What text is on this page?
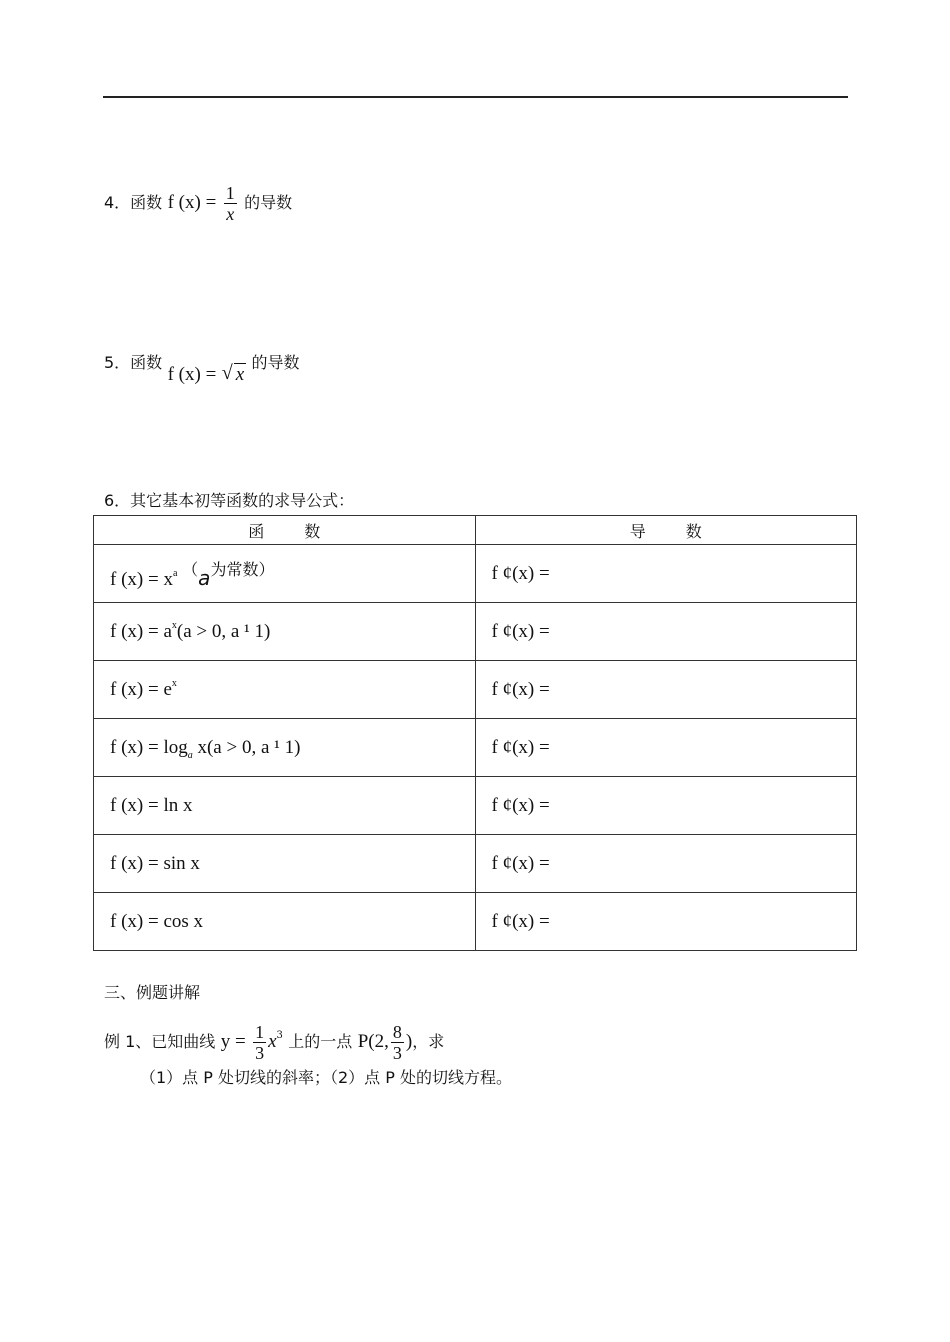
4．函数 f $(x) = \frac{1}{x}$ 的导数
5．函数 f (x) = √ x 的导数
6．其它基本初等函数的求导公式：
函 数	导 数
f $(x) = x^a$ （a$^{为常数)}$	f ¢(x) =
f $(x) = a^x(a > 0$, a ¹ 1)	f ¢(x) =
f $(x) = e^x$	f ¢(x) =
f $(x) = \log_a x(a > 0$, a ¹ 1)	f ¢(x) =
f (x) = ln x	f ¢(x) =
f (x) = sin x	f ¢(x) =
f (x) = cos x	f ¢(x) =
三、例题讲解
例 1、已知曲线 $y = \frac{1}{3} x^3$ 上的一点 P(2, $\frac{8}{3}$ )，求
（1）点 P 处切线的斜率；（2）点 P 处的切线方程。
